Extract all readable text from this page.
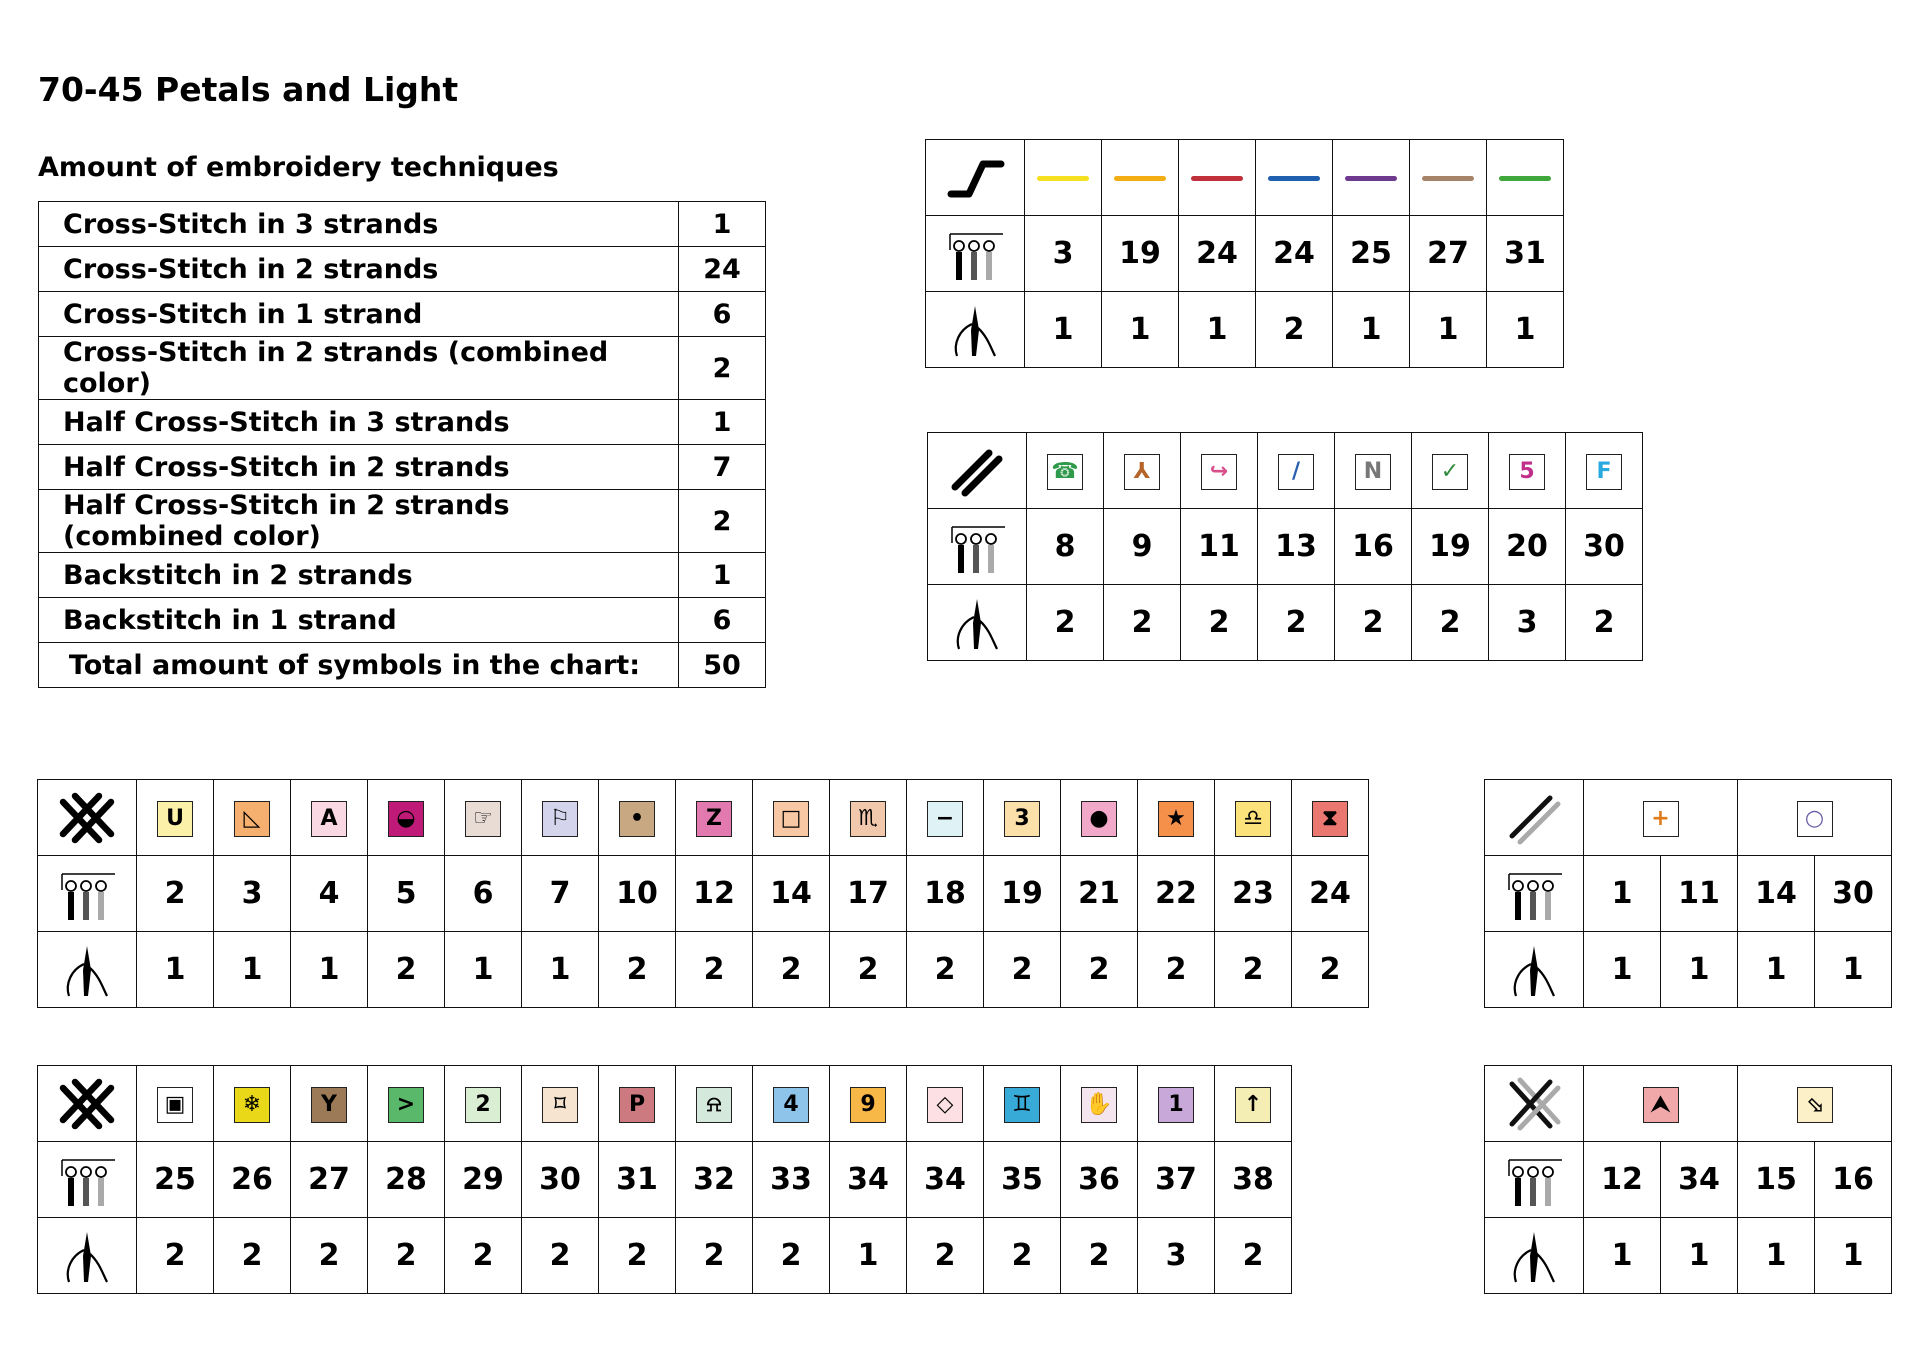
70-45 Petals and Light
Amount of embroidery techniques
Cross-Stitch in 3 strands	1
Cross-Stitch in 2 strands	24
Cross-Stitch in 1 strand	6
Cross-Stitch in 2 strands (combined color)	2
Half Cross-Stitch in 3 strands	1
Half Cross-Stitch in 2 strands	7
Half Cross-Stitch in 2 strands (combined color)	2
Backstitch in 2 strands	1
Backstitch in 1 strand	6
Total amount of symbols in the chart:	50

	3	19	24	24	25	27	31

	1	1	1	2	1	1	1
	☎	⅄	↪	/	N	✓	5	F

	8	9	11	13	16	19	20	30

	2	2	2	2	2	2	3	2
	U	◺	A	◒	☞	⚐	•	Z	□	♏	−	3	●	★	♎	⧗

	2	3	4	5	6	7	10	12	14	17	18	19	21	22	23	24

	1	1	1	2	1	1	2	2	2	2	2	2	2	2	2	2
	▣	❄	Y	>	2	⌑	P	⍾	4	9	◇	♊	✋	1	↑

	25	26	27	28	29	30	31	32	33	34	34	35	36	37	38

	2	2	2	2	2	2	2	2	2	1	2	2	2	3	2
	+		○	

	1	11	14	30

	1	1	1	1
	⮝		⬂	

	12	34	15	16

	1	1	1	1
